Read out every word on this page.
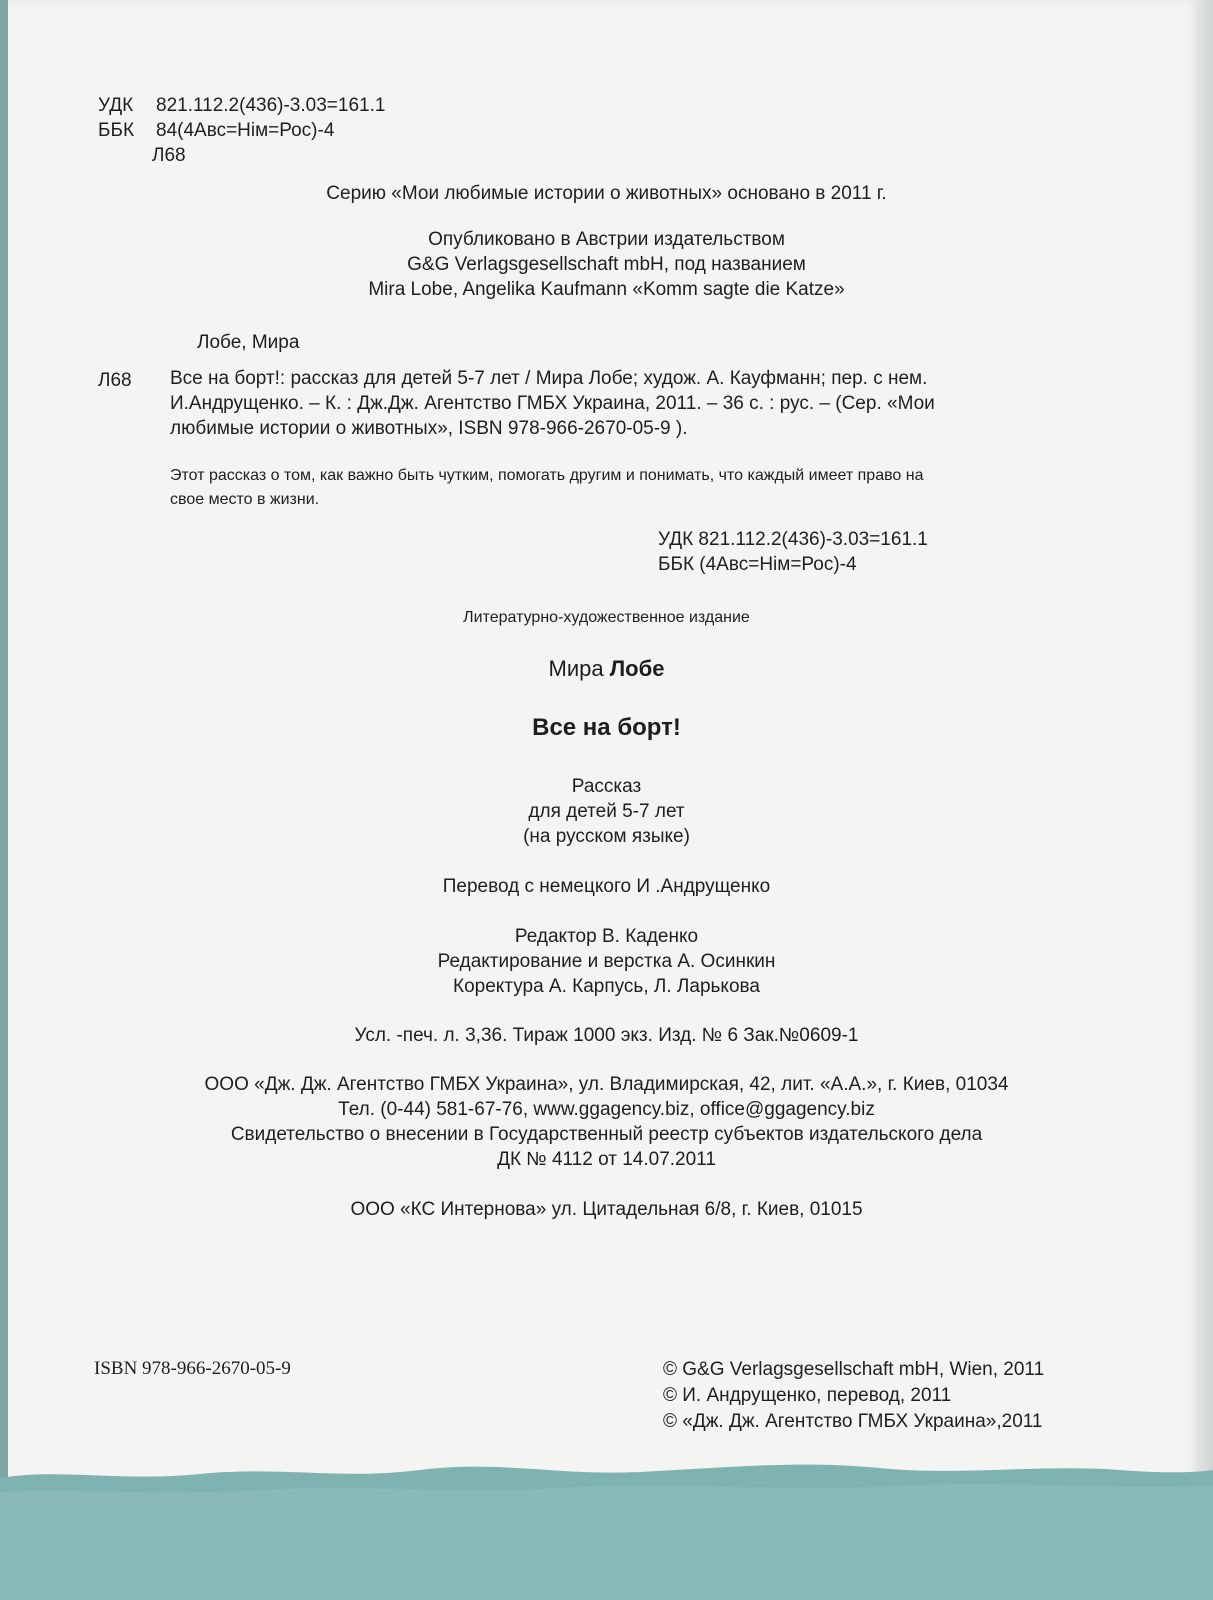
УДК 821.112.2(436)-3.03=161.1
ББК 84(4Авс=Нім=Рос)-4
Л68
Серию «Мои любимые истории о животных» основано в 2011 г.
Опубликовано в Австрии издательством
G&G Verlagsgesellschaft mbH, под названием
Mira Lobe, Angelika Kaufmann «Komm sagte die Katze»
Лобе, Мира
Л68 Все на борт!: рассказ для детей 5-7 лет / Мира Лобе; худож. А. Кауфманн; пер. с нем.
И.Андрущенко. – К. : Дж.Дж. Агентство ГМБХ Украина, 2011. – 36 с. : рус. – (Сер. «Мои
любимые истории о животных», ISBN 978-966-2670-05-9 ).
Этот рассказ о том, как важно быть чутким, помогать другим и понимать, что каждый имеет право на
свое место в жизни.
УДК 821.112.2(436)-3.03=161.1
ББК (4Авс=Нім=Рос)-4
Литературно-художественное издание
Мира Лобе
Все на борт!
Рассказ
для детей 5-7 лет
(на русском языке)
Перевод с немецкого И .Андрущенко
Редактор В. Каденко
Редактирование и верстка А. Осинкин
Коректура А. Карпусь, Л. Ларькова
Усл. -печ. л. 3,36. Тираж 1000 экз. Изд. № 6 Зак.№0609-1
ООО «Дж. Дж. Агентство ГМБХ Украина», ул. Владимирская, 42, лит. «А.А.», г. Киев, 01034
Тел. (0-44) 581-67-76, www.ggagency.biz, office@ggagency.biz
Свидетельство о внесении в Государственный реестр субъектов издательского дела
ДК № 4112 от 14.07.2011
ООО «КС Интернова» ул. Цитадельная 6/8, г. Киев, 01015
ISBN 978-966-2670-05-9	© G&G Verlagsgesellschaft mbH, Wien, 2011
© И. Андрущенко, перевод, 2011
© «Дж. Дж. Агентство ГМБХ Украина»,2011
